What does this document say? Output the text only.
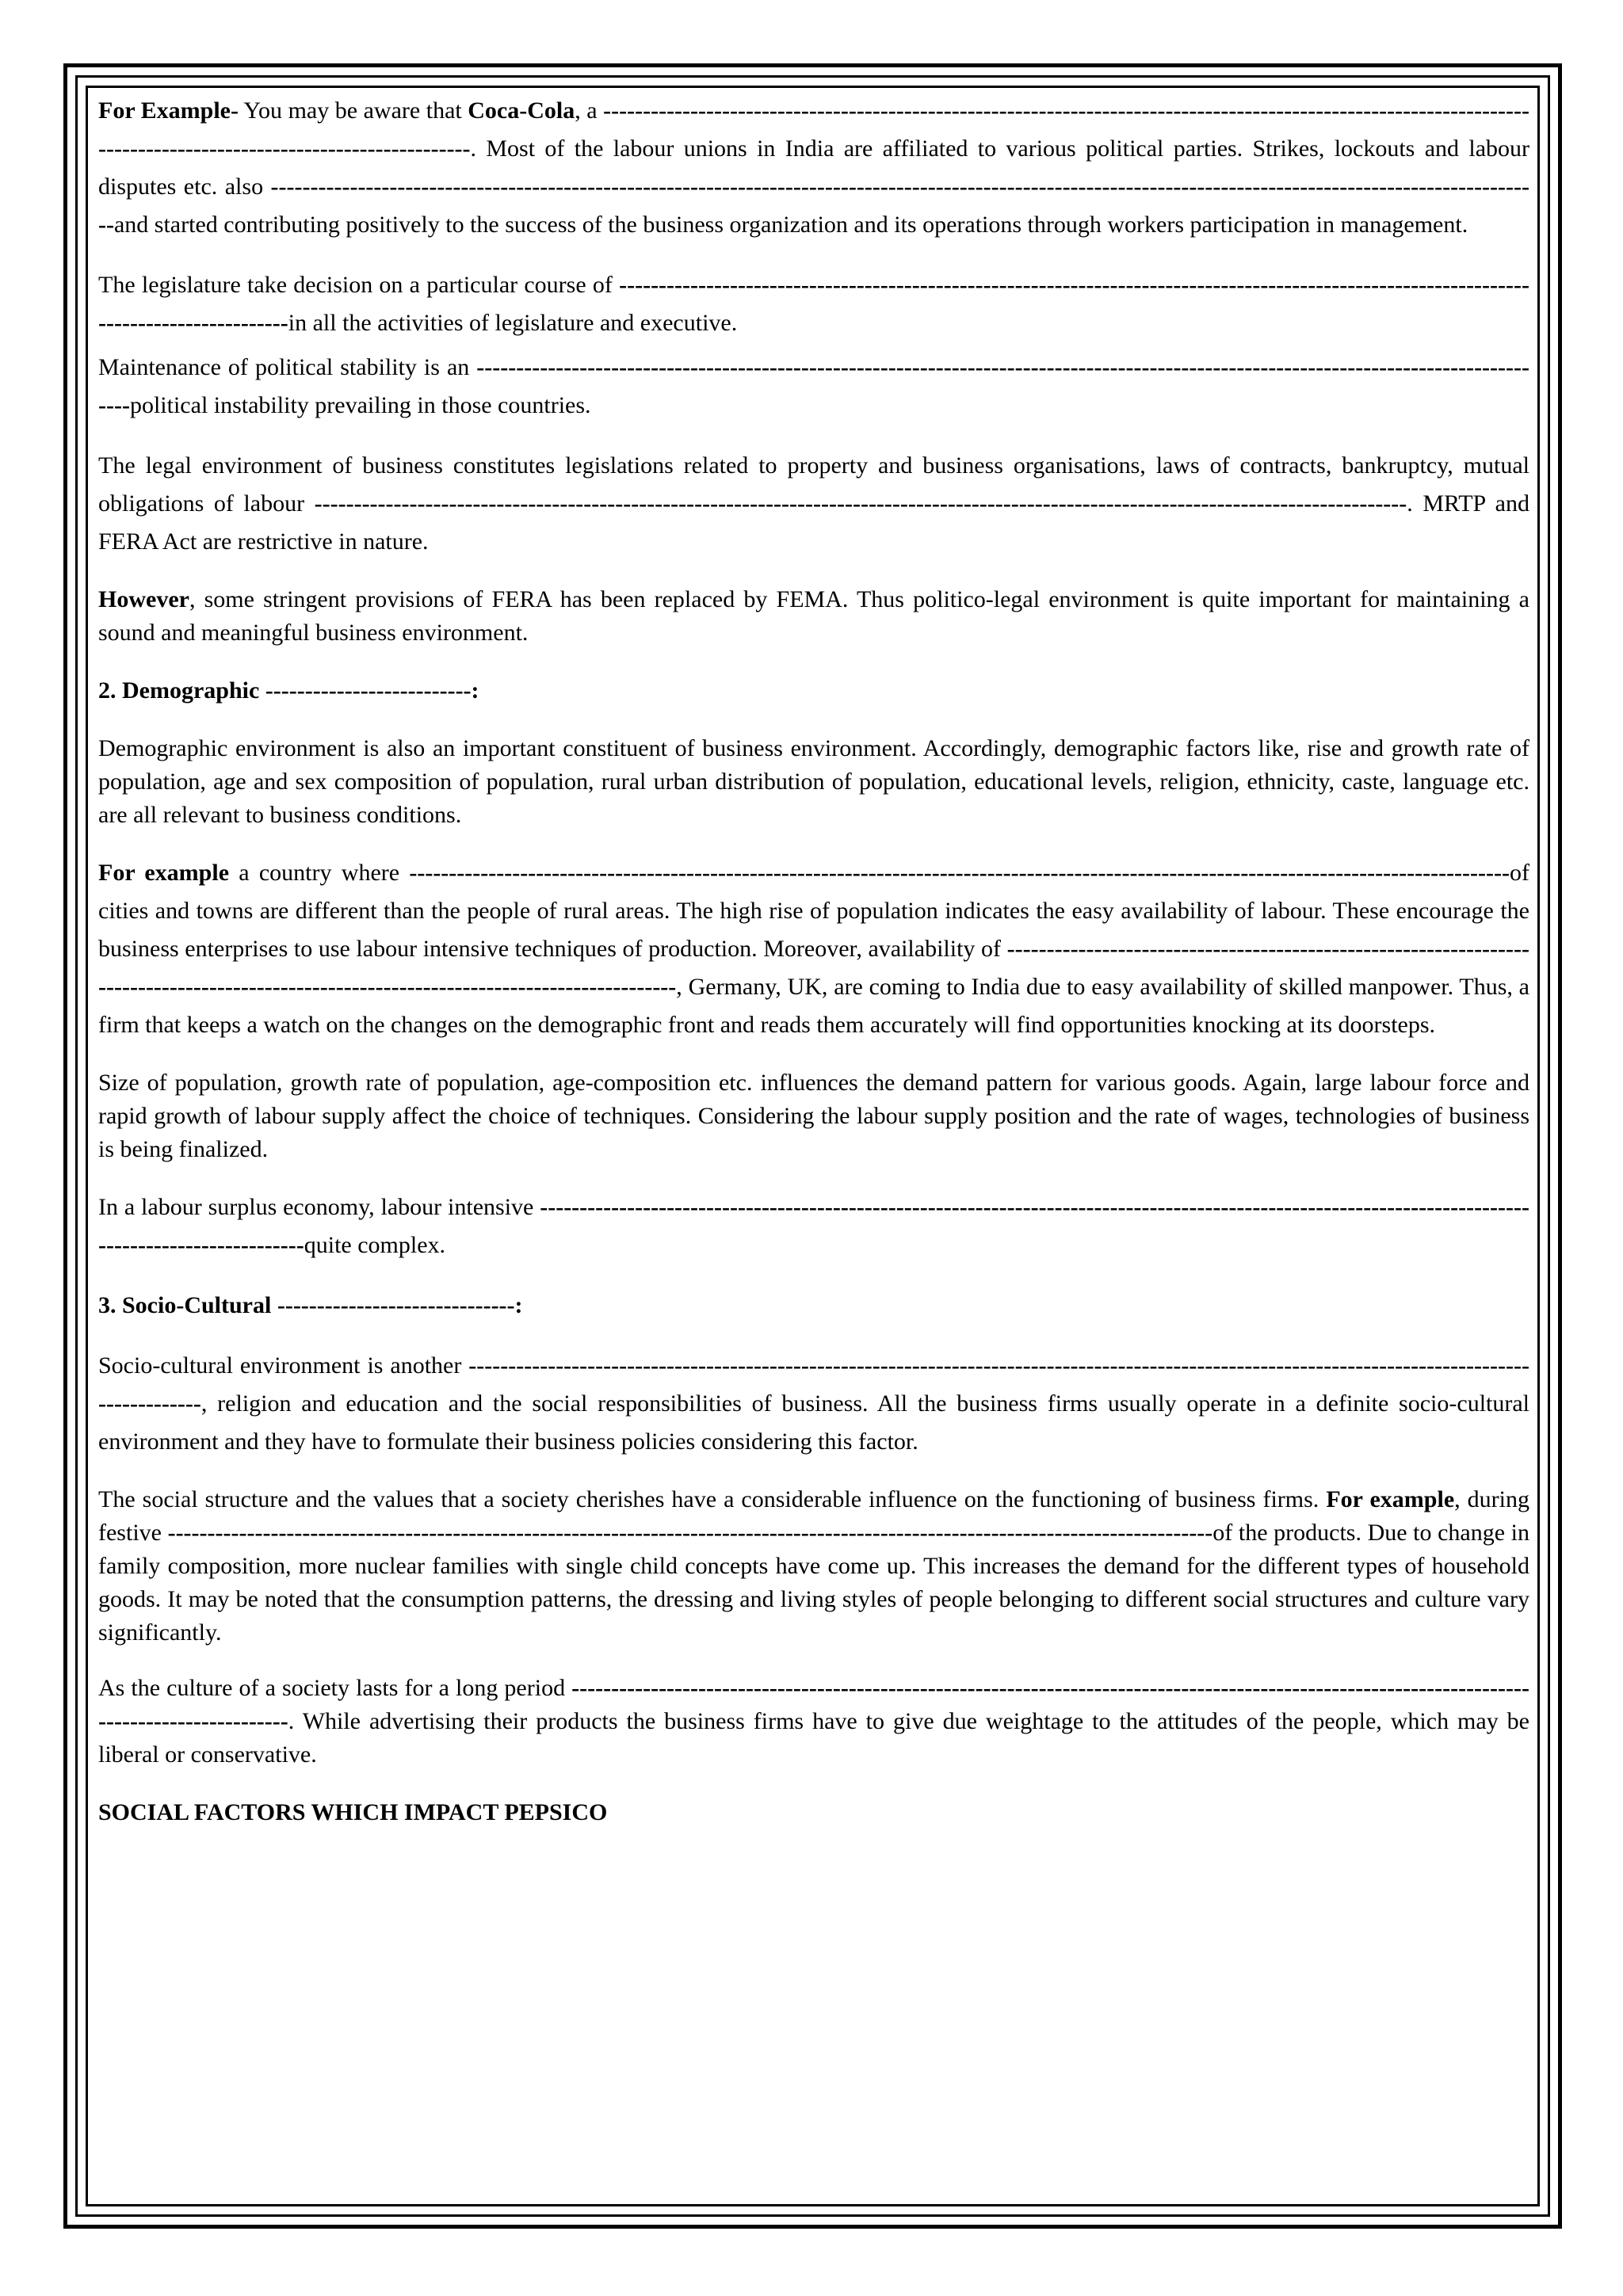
For Example- You may be aware that Coca-Cola, a --------------------------------------------------------------------------------------------------------------------------------------------------------------------. Most of the labour unions in India are affiliated to various political parties. Strikes, lockouts and labour disputes etc. also -----------------------------------------------------------------------------------------------------------------------------------------------------------------and started contributing positively to the success of the business organization and its operations through workers participation in management.

The legislature take decision on a particular course of -------------------------------------------------------------------------------------------------------------------------------------------in all the activities of legislature and executive.

Maintenance of political stability is an -----------------------------------------------------------------------------------------------------------------------------------------political instability prevailing in those countries.

The legal environment of business constitutes legislations related to property and business organisations, laws of contracts, bankruptcy, mutual obligations of labour ------------------------------------------------------------------------------------------------------------------------------------------. MRTP and FERA Act are restrictive in nature.

However, some stringent provisions of FERA has been replaced by FEMA. Thus politico-legal environment is quite important for maintaining a sound and meaningful business environment.

2. Demographic --------------------------:

Demographic environment is also an important constituent of business environment. Accordingly, demographic factors like, rise and growth rate of population, age and sex composition of population, rural urban distribution of population, educational levels, religion, ethnicity, caste, language etc. are all relevant to business conditions.

For example a country where -------------------------------------------------------------------------------------------------------------------------------------------of cities and towns are different than the people of rural areas. The high rise of population indicates the easy availability of labour. These encourage the business enterprises to use labour intensive techniques of production. Moreover, availability of -------------------------------------------------------------------------------------------------------------------------------------------, Germany, UK, are coming to India due to easy availability of skilled manpower. Thus, a firm that keeps a watch on the changes on the demographic front and reads them accurately will find opportunities knocking at its doorsteps.

Size of population, growth rate of population, age-composition etc. influences the demand pattern for various goods. Again, large labour force and rapid growth of labour supply affect the choice of techniques. Considering the labour supply position and the rate of wages, technologies of business is being finalized.

In a labour surplus economy, labour intensive -------------------------------------------------------------------------------------------------------------------------------------------------------quite complex.

3. Socio-Cultural ------------------------------:

Socio-cultural environment is another ---------------------------------------------------------------------------------------------------------------------------------------------------, religion and education and the social responsibilities of business. All the business firms usually operate in a definite socio-cultural environment and they have to formulate their business policies considering this factor.

The social structure and the values that a society cherishes have a considerable influence on the functioning of business firms. For example, during festive ------------------------------------------------------------------------------------------------------------------------------------of the products. Due to change in family composition, more nuclear families with single child concepts have come up. This increases the demand for the different types of household goods. It may be noted that the consumption patterns, the dressing and living styles of people belonging to different social structures and culture vary significantly.

As the culture of a society lasts for a long period -------------------------------------------------------------------------------------------------------------------------------------------------. While advertising their products the business firms have to give due weightage to the attitudes of the people, which may be liberal or conservative.

SOCIAL FACTORS WHICH IMPACT PEPSICO
